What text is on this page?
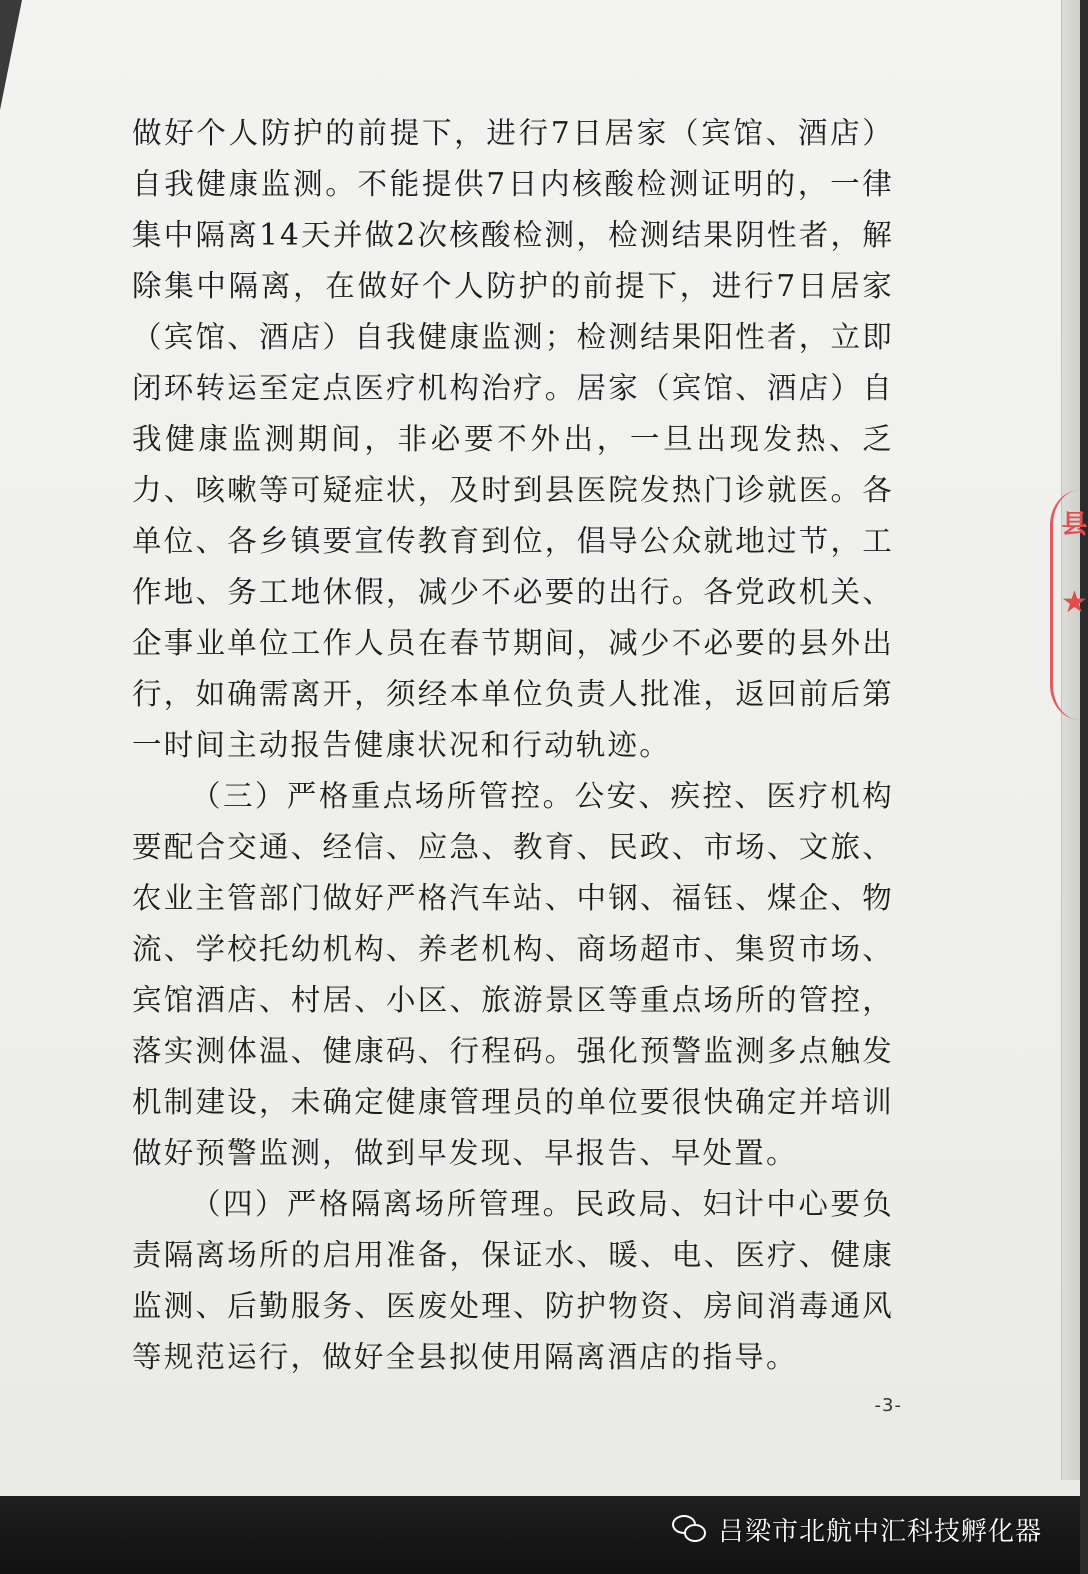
县
★

做好个人防护的前提下，进行7日居家（宾馆、酒店）自我健康监测。不能提供7日内核酸检测证明的，一律集中隔离14天并做2次核酸检测，检测结果阴性者，解除集中隔离，在做好个人防护的前提下，进行7日居家（宾馆、酒店）自我健康监测；检测结果阳性者，立即闭环转运至定点医疗机构治疗。居家（宾馆、酒店）自我健康监测期间，非必要不外出，一旦出现发热、乏力、咳嗽等可疑症状，及时到县医院发热门诊就医。各单位、各乡镇要宣传教育到位，倡导公众就地过节，工作地、务工地休假，减少不必要的出行。各党政机关、企事业单位工作人员在春节期间，减少不必要的县外出行，如确需离开，须经本单位负责人批准，返回前后第一时间主动报告健康状况和行动轨迹。

（三）严格重点场所管控。公安、疾控、医疗机构要配合交通、经信、应急、教育、民政、市场、文旅、农业主管部门做好严格汽车站、中钢、福钰、煤企、物流、学校托幼机构、养老机构、商场超市、集贸市场、宾馆酒店、村居、小区、旅游景区等重点场所的管控，落实测体温、健康码、行程码。强化预警监测多点触发机制建设，未确定健康管理员的单位要很快确定并培训做好预警监测，做到早发现、早报告、早处置。

（四）严格隔离场所管理。民政局、妇计中心要负责隔离场所的启用准备，保证水、暖、电、医疗、健康监测、后勤服务、医废处理、防护物资、房间消毒通风等规范运行，做好全县拟使用隔离酒店的指导。

-3-
吕梁市北航中汇科技孵化器
